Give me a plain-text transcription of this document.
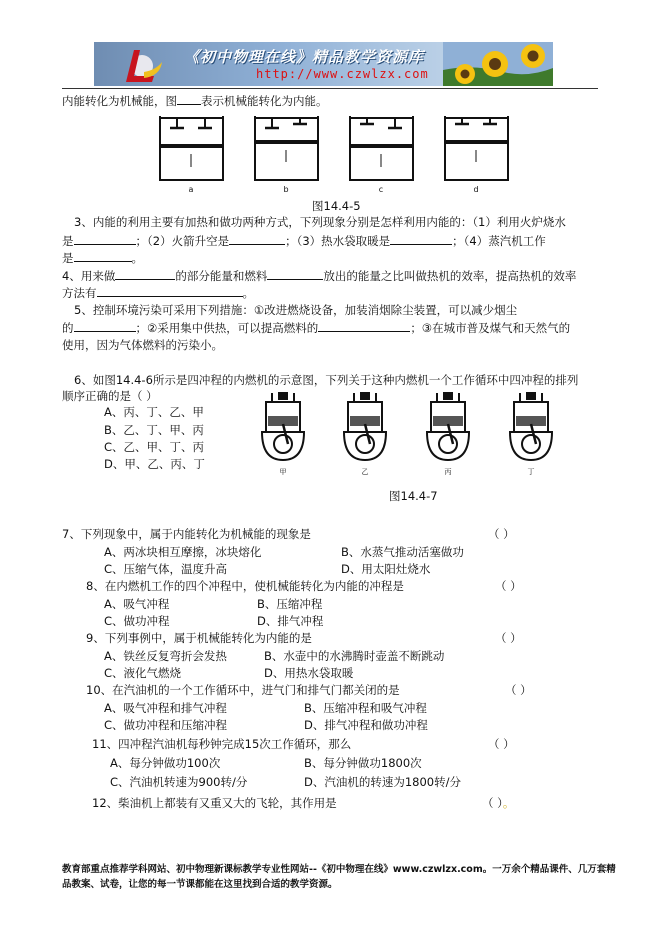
《初中物理在线》精品教学资源库
http://www.czwlzx.com
内能转化为机械能，图 表示机械能转化为内能。
a	b	c	d
图14.4-5
3、内能的利用主要有加热和做功两种方式，下列现象分别是怎样利用内能的：（1）利用火炉烧水
是	；（2）火箭升空是	；（3）热水袋取暖是	；（4）蒸汽机工作
是	。
4、用来做	的部分能量和燃料	放出的能量之比叫做热机的效率，提高热机的效率
方法有	。
5、控制环境污染可采用下列措施：①改进燃烧设备，加装消烟除尘装置，可以减少烟尘
的	；②采用集中供热，可以提高燃料的	；③在城市普及煤气和天然气的
使用，因为气体燃料的污染小。
6、如图14.4-6所示是四冲程的内燃机的示意图，下列关于这种内燃机一个工作循环中四冲程的排列
顺序正确的是（ ）
A、丙、丁、乙、甲
B、乙、丁、甲、丙
C、乙、甲、丁、丙
D、甲、乙、丙、丁
甲	乙	丙	丁
图14.4-7
7、下列现象中，属于内能转化为机械能的现象是	（ ）
A、两冰块相互摩擦，冰块熔化	B、水蒸气推动活塞做功
C、压缩气体，温度升高	D、用太阳灶烧水
8、在内燃机工作的四个冲程中，使机械能转化为内能的冲程是	（ ）
A、吸气冲程	B、压缩冲程
C、做功冲程	D、排气冲程
9、下列事例中，属于机械能转化为内能的是	（ ）
A、铁丝反复弯折会发热	B、水壶中的水沸腾时壶盖不断跳动
C、液化气燃烧	D、用热水袋取暖
10、在汽油机的一个工作循环中，进气门和排气门都关闭的是	（ ）
A、吸气冲程和排气冲程	B、压缩冲程和吸气冲程
C、做功冲程和压缩冲程	D、排气冲程和做功冲程
11、四冲程汽油机每秒钟完成15次工作循环，那么	（ ）
A、每分钟做功100次	B、每分钟做功1800次
C、汽油机转速为900转/分	D、汽油机的转速为1800转/分
12、柴油机上都装有又重又大的飞轮，其作用是	（ ）。
教育部重点推荐学科网站、初中物理新课标教学专业性网站--《初中物理在线》www.czwlzx.com。一万余个精品课件、几万套精品教案、试卷，让您的每一节课都能在这里找到合适的教学资源。
